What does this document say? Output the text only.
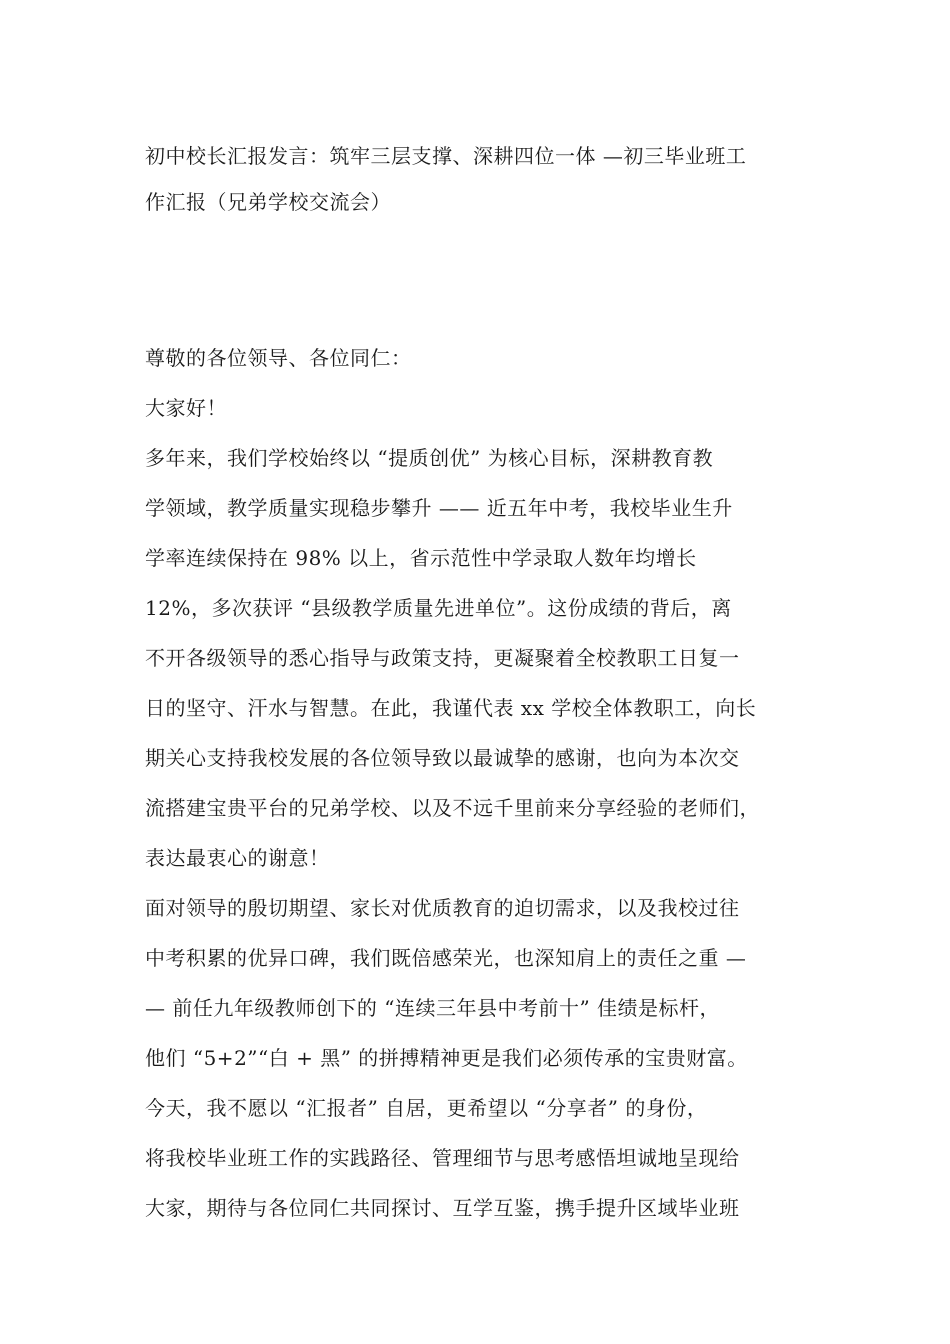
初中校长汇报发言：筑牢三层支撑、深耕四位一体 —初三毕业班工
作汇报（兄弟学校交流会）
尊敬的各位领导、各位同仁：
大家好！
多年来，我们学校始终以 “提质创优” 为核心目标，深耕教育教
学领域，教学质量实现稳步攀升 —— 近五年中考，我校毕业生升
学率连续保持在 98% 以上，省示范性中学录取人数年均增长
12%，多次获评 “县级教学质量先进单位”。这份成绩的背后，离
不开各级领导的悉心指导与政策支持，更凝聚着全校教职工日复一
日的坚守、汗水与智慧。在此，我谨代表 xx 学校全体教职工，向长
期关心支持我校发展的各位领导致以最诚挚的感谢，也向为本次交
流搭建宝贵平台的兄弟学校、以及不远千里前来分享经验的老师们，
表达最衷心的谢意！
面对领导的殷切期望、家长对优质教育的迫切需求，以及我校过往
中考积累的优异口碑，我们既倍感荣光，也深知肩上的责任之重 —
— 前任九年级教师创下的 “连续三年县中考前十” 佳绩是标杆，
他们 “5+2”“白 + 黑” 的拼搏精神更是我们必须传承的宝贵财富。
今天，我不愿以 “汇报者” 自居，更希望以 “分享者” 的身份，
将我校毕业班工作的实践路径、管理细节与思考感悟坦诚地呈现给
大家，期待与各位同仁共同探讨、互学互鉴，携手提升区域毕业班
